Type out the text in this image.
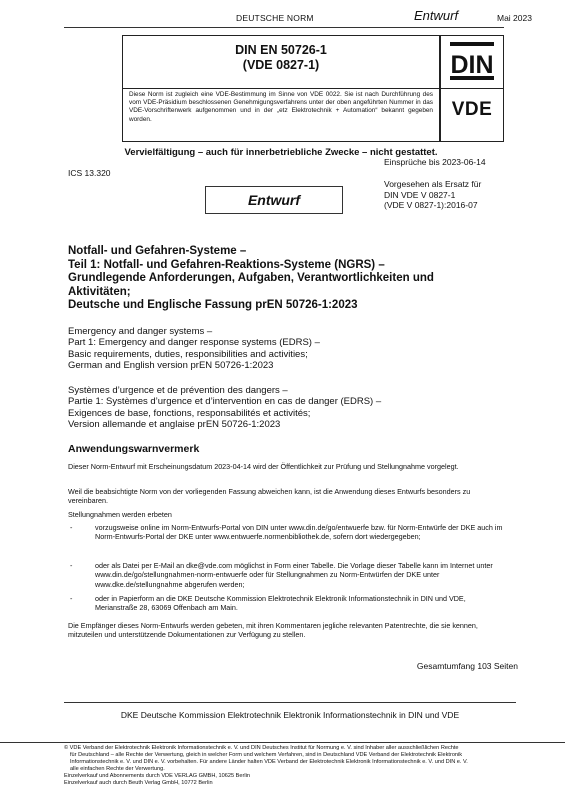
DEUTSCHE NORM	Entwurf	Mai 2023
DIN EN 50726-1
(VDE 0827-1)
Diese Norm ist zugleich eine VDE-Bestimmung im Sinne von VDE 0022. Sie ist nach Durchführung des vom VDE-Präsidium beschlossenen Genehmigungsverfahrens unter der oben angeführten Nummer in das VDE-Vorschriftenwerk aufgenommen und in der „etz Elektrotechnik + Automation“ bekannt gegeben worden.
DIN
VDE
Vervielfältigung – auch für innerbetriebliche Zwecke – nicht gestattet.
Einsprüche bis 2023-06-14
ICS 13.320
Vorgesehen als Ersatz für
DIN VDE V 0827-1
(VDE V 0827-1):2016-07
Entwurf
Notfall- und Gefahren-Systeme –
Teil 1: Notfall- und Gefahren-Reaktions-Systeme (NGRS) –
Grundlegende Anforderungen, Aufgaben, Verantwortlichkeiten und
Aktivitäten;
Deutsche und Englische Fassung prEN 50726-1:2023
Emergency and danger systems –
Part 1: Emergency and danger response systems (EDRS) –
Basic requirements, duties, responsibilities and activities;
German and English version prEN 50726-1:2023
Systèmes d’urgence et de prévention des dangers –
Partie 1: Systèmes d’urgence et d’intervention en cas de danger (EDRS) –
Exigences de base, fonctions, responsabilités et activités;
Version allemande et anglaise prEN 50726-1:2023
Anwendungswarnvermerk
Dieser Norm-Entwurf mit Erscheinungsdatum 2023-04-14 wird der Öffentlichkeit zur Prüfung und Stellungnahme vorgelegt.
Weil die beabsichtigte Norm von der vorliegenden Fassung abweichen kann, ist die Anwendung dieses Entwurfs besonders zu vereinbaren.
Stellungnahmen werden erbeten
-	vorzugsweise online im Norm-Entwurfs-Portal von DIN unter www.din.de/go/entwuerfe bzw. für Norm-Entwürfe der DKE auch im Norm-Entwurfs-Portal der DKE unter www.entwuerfe.normenbibliothek.de, sofern dort wiedergegeben;
-	oder als Datei per E-Mail an dke@vde.com möglichst in Form einer Tabelle. Die Vorlage dieser Tabelle kann im Internet unter www.din.de/go/stellungnahmen-norm-entwuerfe oder für Stellungnahmen zu Norm-Entwürfen der DKE unter www.dke.de/stellungnahme abgerufen werden;
-	oder in Papierform an die DKE Deutsche Kommission Elektrotechnik Elektronik Informationstechnik in DIN und VDE, Merianstraße 28, 63069 Offenbach am Main.
Die Empfänger dieses Norm-Entwurfs werden gebeten, mit ihren Kommentaren jegliche relevanten Patentrechte, die sie kennen, mitzuteilen und unterstützende Dokumentationen zur Verfügung zu stellen.
Gesamtumfang 103 Seiten
DKE Deutsche Kommission Elektrotechnik Elektronik Informationstechnik in DIN und VDE
© VDE Verband der Elektrotechnik Elektronik Informationstechnik e. V. und DIN Deutsches Institut für Normung e. V. sind Inhaber aller ausschließlichen Rechte
für Deutschland – alle Rechte der Verwertung, gleich in welcher Form und welchem Verfahren, sind in Deutschland VDE Verband der Elektrotechnik Elektronik
Informationstechnik e. V. und DIN e. V. vorbehalten. Für andere Länder halten VDE Verband der Elektrotechnik Elektronik Informationstechnik e. V. und DIN e. V.
alle einfachen Rechte der Verwertung.
Einzelverkauf und Abonnements durch VDE VERLAG GMBH, 10625 Berlin
Einzelverkauf auch durch Beuth Verlag GmbH, 10772 Berlin
